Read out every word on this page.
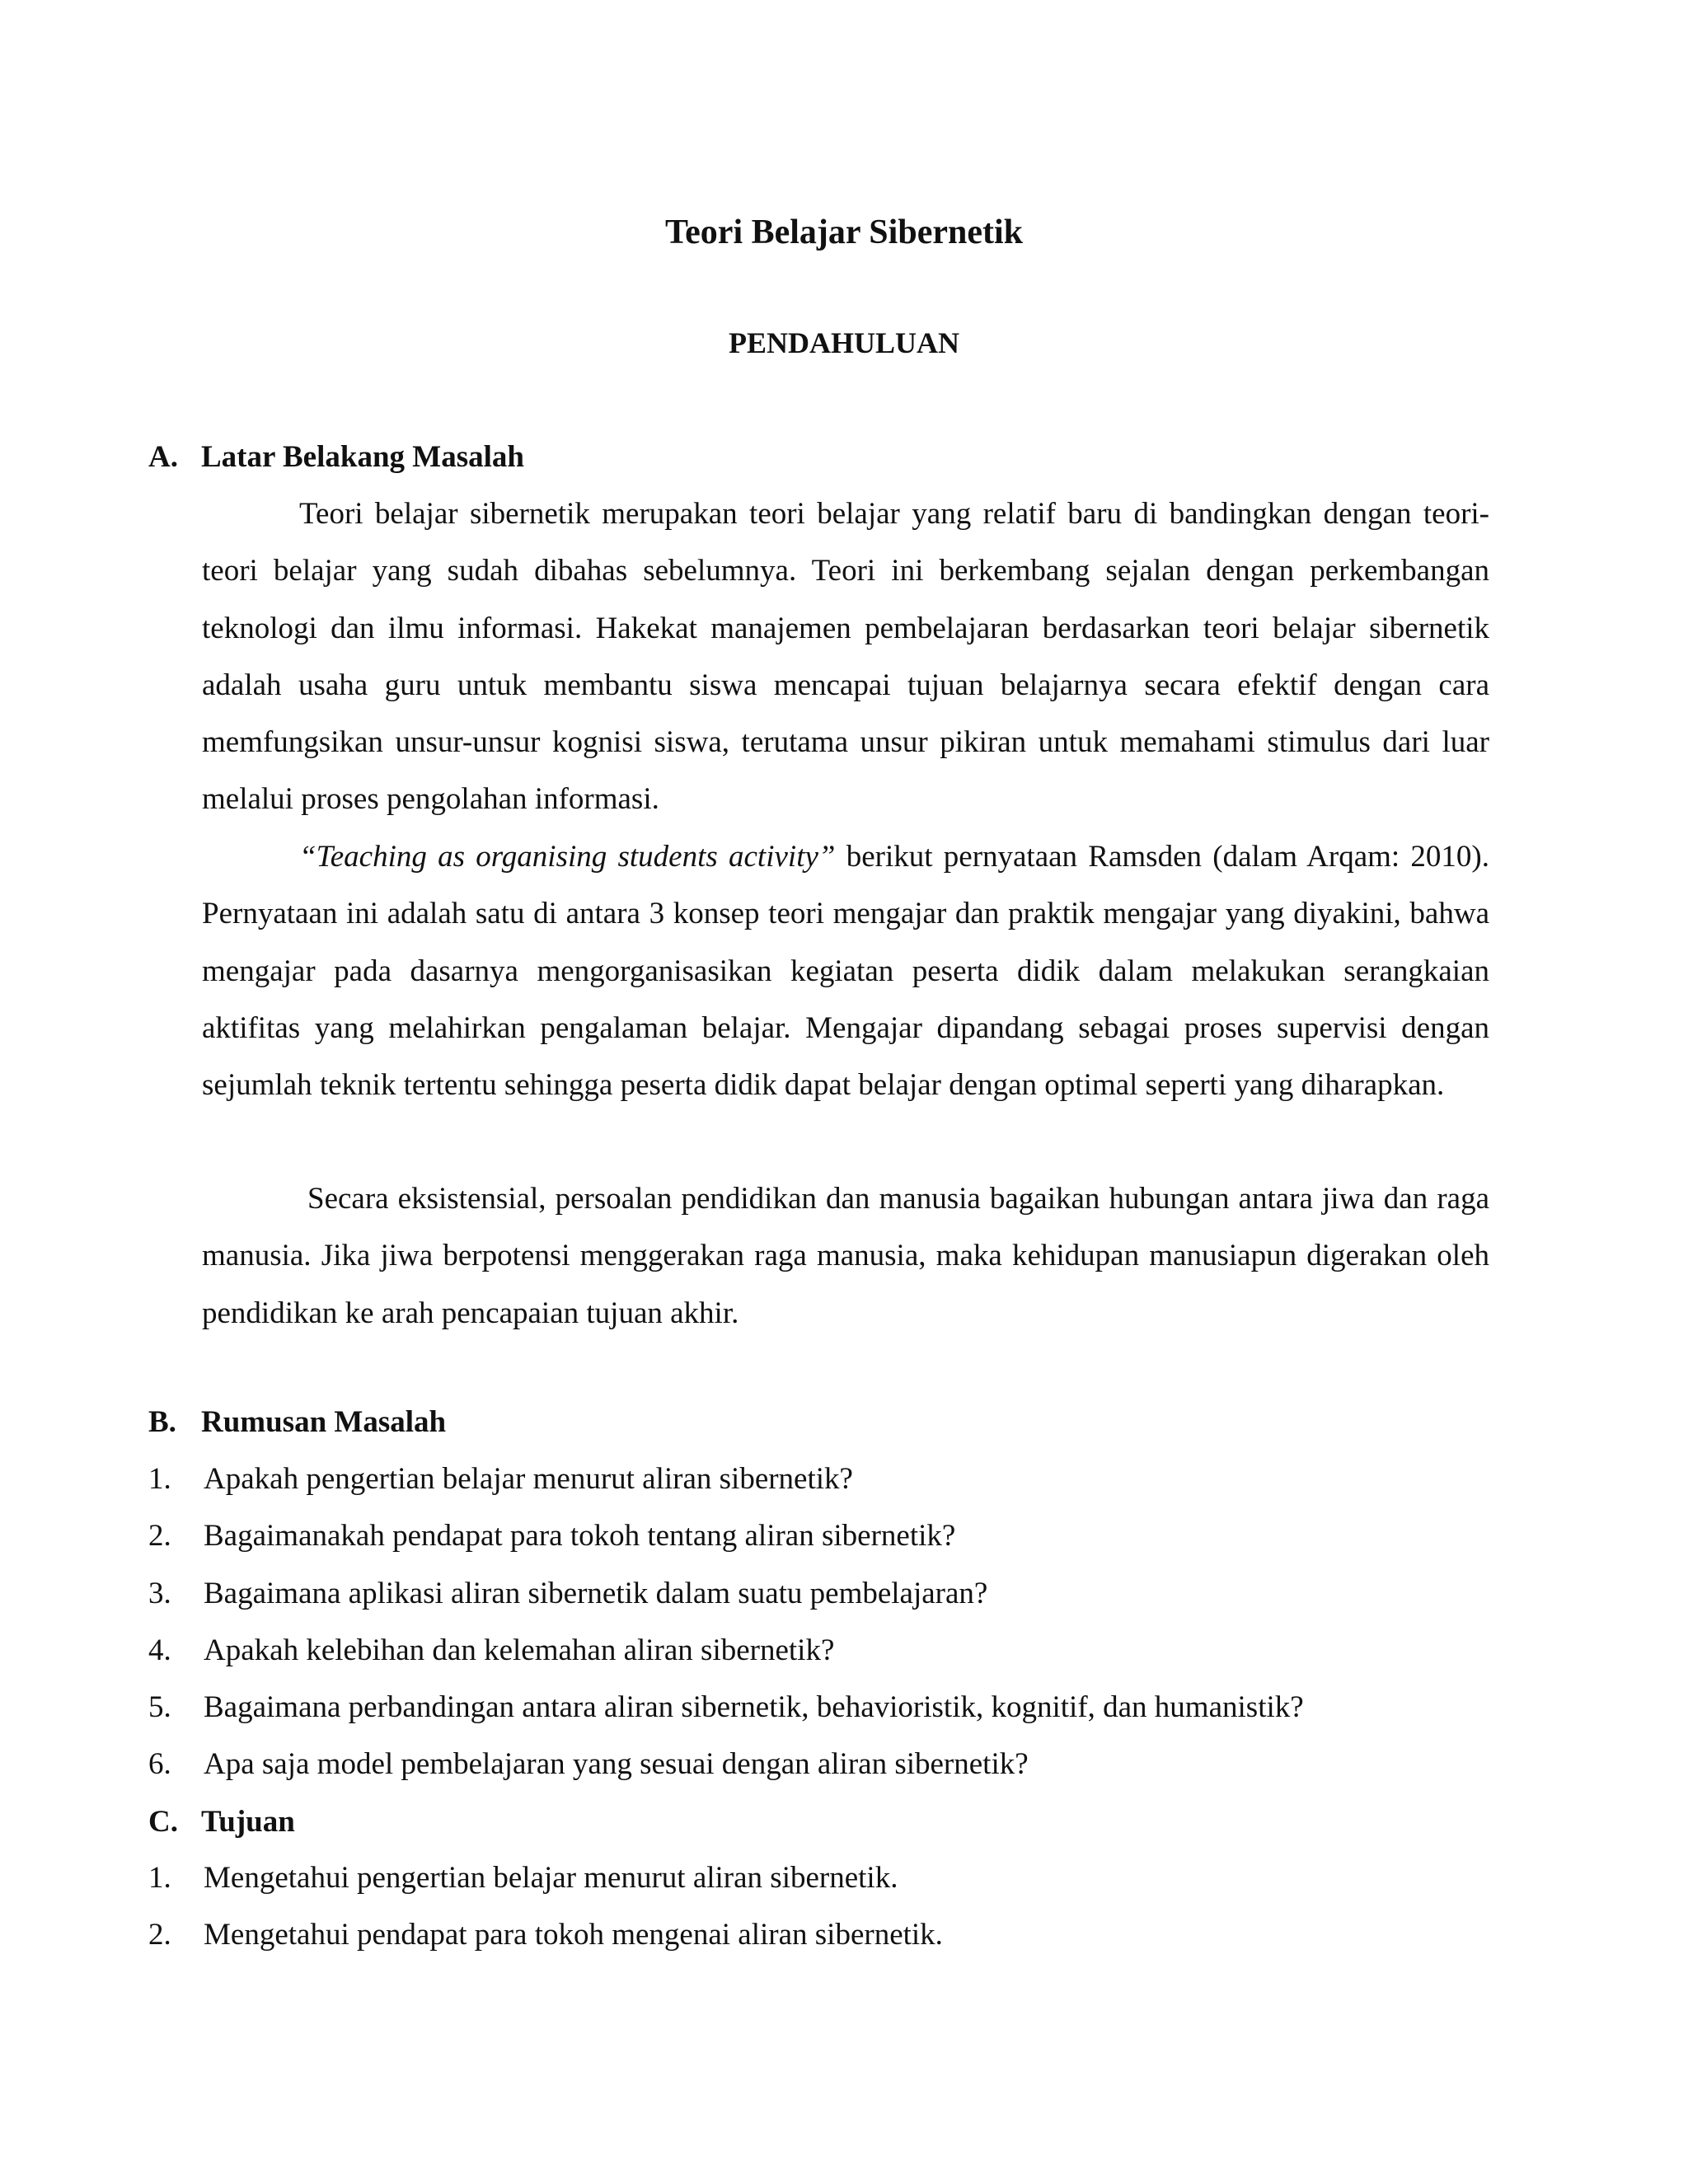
Teori Belajar Sibernetik
PENDAHULUAN
A. Latar Belakang Masalah

Teori belajar sibernetik merupakan teori belajar yang relatif baru di bandingkan dengan teori-teori belajar yang sudah dibahas sebelumnya. Teori ini berkembang sejalan dengan perkembangan teknologi dan ilmu informasi. Hakekat manajemen pembelajaran berdasarkan teori belajar sibernetik adalah usaha guru untuk membantu siswa mencapai tujuan belajarnya secara efektif dengan cara memfungsikan unsur-unsur kognisi siswa, terutama unsur pikiran untuk memahami stimulus dari luar melalui proses pengolahan informasi.

“Teaching as organising students activity” berikut pernyataan Ramsden (dalam Arqam: 2010). Pernyataan ini adalah satu di antara 3 konsep teori mengajar dan praktik mengajar yang diyakini, bahwa mengajar pada dasarnya mengorganisasikan kegiatan peserta didik dalam melakukan serangkaian aktifitas yang melahirkan pengalaman belajar. Mengajar dipandang sebagai proses supervisi dengan sejumlah teknik tertentu sehingga peserta didik dapat belajar dengan optimal seperti yang diharapkan.

Secara eksistensial, persoalan pendidikan dan manusia bagaikan hubungan antara jiwa dan raga manusia. Jika jiwa berpotensi menggerakan raga manusia, maka kehidupan manusiapun digerakan oleh pendidikan ke arah pencapaian tujuan akhir.

B. Rumusan Masalah
1. Apakah pengertian belajar menurut aliran sibernetik?
2. Bagaimanakah pendapat para tokoh tentang aliran sibernetik?
3. Bagaimana aplikasi aliran sibernetik dalam suatu pembelajaran?
4. Apakah kelebihan dan kelemahan aliran sibernetik?
5. Bagaimana perbandingan antara aliran sibernetik, behavioristik, kognitif, dan humanistik?
6. Apa saja model pembelajaran yang sesuai dengan aliran sibernetik?
C. Tujuan
1. Mengetahui pengertian belajar menurut aliran sibernetik.
2. Mengetahui pendapat para tokoh mengenai aliran sibernetik.
